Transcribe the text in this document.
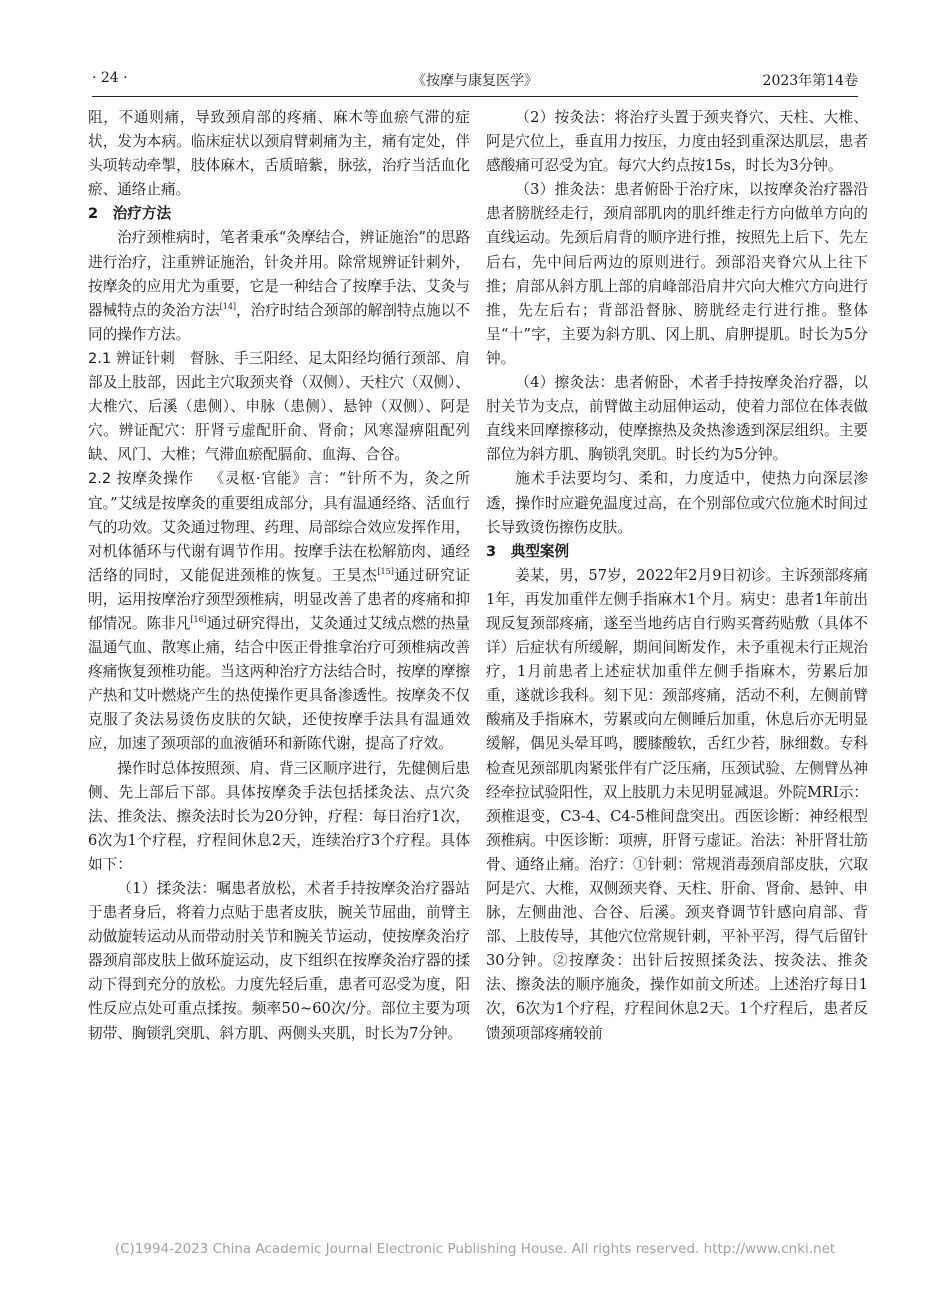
· 24 ·	《按摩与康复医学》	2023年第14卷

阻，不通则痛，导致颈肩部的疼痛、麻木等血瘀气滞的症状，发为本病。临床症状以颈肩臂刺痛为主，痛有定处，伴头项转动牵掣，肢体麻木，舌质暗紫，脉弦，治疗当活血化瘀、通络止痛。

2　治疗方法

治疗颈椎病时，笔者秉承“灸摩结合，辨证施治”的思路进行治疗，注重辨证施治，针灸并用。除常规辨证针刺外，按摩灸的应用尤为重要，它是一种结合了按摩手法、艾灸与器械特点的灸治方法[14]，治疗时结合颈部的解剖特点施以不同的操作方法。

2.1 辨证针刺　督脉、手三阳经、足太阳经均循行颈部、肩部及上肢部，因此主穴取颈夹脊（双侧）、天柱穴（双侧）、大椎穴、后溪（患侧）、申脉（患侧）、悬钟（双侧）、阿是穴。辨证配穴：肝肾亏虚配肝俞、肾俞；风寒湿痹阻配列缺、风门、大椎；气滞血瘀配膈俞、血海、合谷。

2.2 按摩灸操作  《灵枢·官能》言：“针所不为，灸之所宜。”艾绒是按摩灸的重要组成部分，具有温通经络、活血行气的功效。艾灸通过物理、药理、局部综合效应发挥作用，对机体循环与代谢有调节作用。按摩手法在松解筋肉、通经活络的同时，又能促进颈椎的恢复。王昊杰[15]通过研究证明，运用按摩治疗颈型颈椎病，明显改善了患者的疼痛和抑郁情况。陈非凡[16]通过研究得出，艾灸通过艾绒点燃的热量温通气血、散寒止痛，结合中医正骨推拿治疗可颈椎病改善疼痛恢复颈椎功能。当这两种治疗方法结合时，按摩的摩擦产热和艾叶燃烧产生的热使操作更具备渗透性。按摩灸不仅克服了灸法易烫伤皮肤的欠缺，还使按摩手法具有温通效应，加速了颈项部的血液循环和新陈代谢，提高了疗效。

操作时总体按照颈、肩、背三区顺序进行，先健侧后患侧、先上部后下部。具体按摩灸手法包括揉灸法、点穴灸法、推灸法、擦灸法时长为20分钟，疗程：每日治疗1次，6次为1个疗程，疗程间休息2天，连续治疗3个疗程。具体如下：

（1）揉灸法：嘱患者放松，术者手持按摩灸治疗器站于患者身后，将着力点贴于患者皮肤，腕关节屈曲，前臂主动做旋转运动从而带动肘关节和腕关节运动，使按摩灸治疗器颈肩部皮肤上做环旋运动，皮下组织在按摩灸治疗器的揉动下得到充分的放松。力度先轻后重，患者可忍受为度，阳性反应点处可重点揉按。频率50~60次/分。部位主要为项韧带、胸锁乳突肌、斜方肌、两侧头夹肌，时长为7分钟。

（2）按灸法：将治疗头置于颈夹脊穴、天柱、大椎、阿是穴位上，垂直用力按压，力度由轻到重深达肌层，患者感酸痛可忍受为宜。每穴大约点按15s，时长为3分钟。

（3）推灸法：患者俯卧于治疗床，以按摩灸治疗器沿患者膀胱经走行，颈肩部肌肉的肌纤维走行方向做单方向的直线运动。先颈后肩背的顺序进行推，按照先上后下、先左后右，先中间后两边的原则进行。颈部沿夹脊穴从上往下推；肩部从斜方肌上部的肩峰部沿肩井穴向大椎穴方向进行推，先左后右；背部沿督脉、膀胱经走行进行推。整体呈“十”字，主要为斜方肌、冈上肌、肩胛提肌。时长为5分钟。

（4）擦灸法：患者俯卧，术者手持按摩灸治疗器，以肘关节为支点，前臂做主动屈伸运动，使着力部位在体表做直线来回摩擦移动，使摩擦热及灸热渗透到深层组织。主要部位为斜方肌、胸锁乳突肌。时长约为5分钟。

施术手法要均匀、柔和，力度适中，使热力向深层渗透，操作时应避免温度过高，在个别部位或穴位施术时间过长导致烫伤擦伤皮肤。

3　典型案例

姜某，男，57岁，2022年2月9日初诊。主诉颈部疼痛1年，再发加重伴左侧手指麻木1个月。病史：患者1年前出现反复颈部疼痛，遂至当地药店自行购买膏药贴敷（具体不详）后症状有所缓解，期间间断发作，未予重视未行正规治疗，1月前患者上述症状加重伴左侧手指麻木，劳累后加重，遂就诊我科。刻下见：颈部疼痛，活动不利，左侧前臂酸痛及手指麻木，劳累或向左侧睡后加重，休息后亦无明显缓解，偶见头晕耳鸣，腰膝酸软，舌红少苔，脉细数。专科检查见颈部肌肉紧张伴有广泛压痛，压颈试验、左侧臂丛神经牵拉试验阳性，双上肢肌力未见明显减退。外院MRI示：颈椎退变，C3-4、C4-5椎间盘突出。西医诊断：神经根型颈椎病。中医诊断：项痹，肝肾亏虚证。治法：补肝肾壮筋骨、通络止痛。治疗：①针刺：常规消毒颈肩部皮肤，穴取阿是穴、大椎，双侧颈夹脊、天柱、肝俞、肾俞、悬钟、申脉，左侧曲池、合谷、后溪。颈夹脊调节针感向肩部、背部、上肢传导，其他穴位常规针刺，平补平泻，得气后留针30分钟。②按摩灸：出针后按照揉灸法、按灸法、推灸法、擦灸法的顺序施灸，操作如前文所述。上述治疗每日1次，6次为1个疗程，疗程间休息2天。1个疗程后，患者反馈颈项部疼痛较前

(C)1994-2023 China Academic Journal Electronic Publishing House. All rights reserved. http://www.cnki.net
